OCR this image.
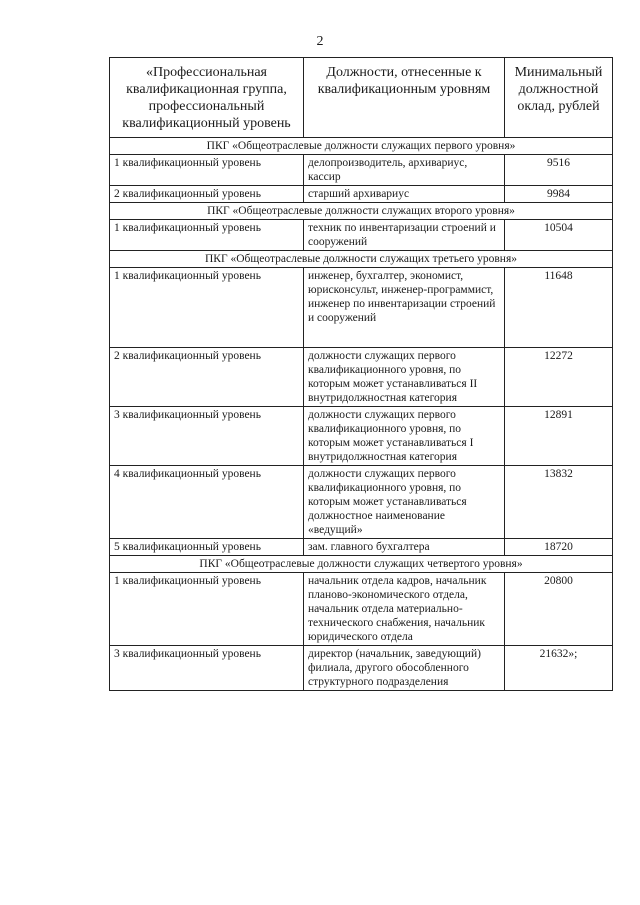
2
«Профессиональная квалификационная группа, профессиональный квалификационный уровень	Должности, отнесенные к квалификационным уровням	Минимальный должностной оклад, рублей
ПКГ «Общеотраслевые должности служащих первого уровня»		
1 квалификационный уровень	делопроизводитель, архивариус, кассир	9516
2 квалификационный уровень	старший архивариус	9984
ПКГ «Общеотраслевые должности служащих второго уровня»		
1 квалификационный уровень	техник по инвентаризации строений и сооружений	10504
ПКГ «Общеотраслевые должности служащих третьего уровня»		
1 квалификационный уровень	инженер, бухгалтер, экономист, юрисконсульт, инженер-программист, инженер по инвентаризации строений и сооружений	11648
2 квалификационный уровень	должности служащих первого квалификационного уровня, по которым может устанавливаться II внутридолжностная категория	12272
3 квалификационный уровень	должности служащих первого квалификационного уровня, по которым может устанавливаться I внутридолжностная категория	12891
4 квалификационный уровень	должности служащих первого квалификационного уровня, по которым может устанавливаться должностное наименование «ведущий»	13832
5 квалификационный уровень	зам. главного бухгалтера	18720
ПКГ «Общеотраслевые должности служащих четвертого уровня»		
1 квалификационный уровень	начальник отдела кадров, начальник планово-экономического отдела, начальник отдела материально-технического снабжения, начальник юридического отдела	20800
3 квалификационный уровень	директор (начальник, заведующий) филиала, другого обособленного структурного подразделения	21632»;
